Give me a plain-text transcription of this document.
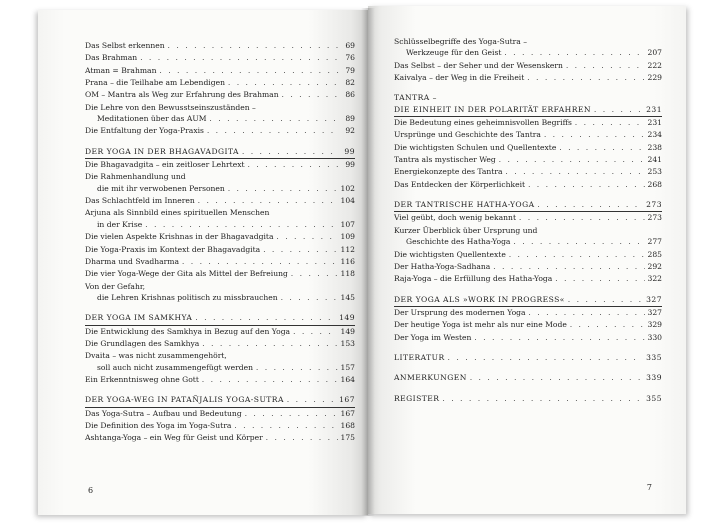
Das Selbst erkennen . . .	69
Das Brahman . . .	76
Atman = Brahman . . .	79
Prana – die Teilhabe am Lebendigen . . .	82
OM – Mantra als Weg zur Erfahrung des Brahman . . .	86
Die Lehre von den Bewusstseinszuständen –
Meditationen über das AUM . . .	89
Die Entfaltung der Yoga-Praxis . . .	92
DER YOGA IN DER BHAGAVADGITA . . .	99
Die Bhagavadgita – ein zeitloser Lehrtext . . .	99
Die Rahmenhandlung und
die mit ihr verwobenen Personen . . .	102
Das Schlachtfeld im Inneren . . .	104
Arjuna als Sinnbild eines spirituellen Menschen
in der Krise . . .	107
Die vielen Aspekte Krishnas in der Bhagavadgita . . .	109
Die Yoga-Praxis im Kontext der Bhagavadgita . . .	112
Dharma und Svadharma . . .	116
Die vier Yoga-Wege der Gita als Mittel der Befreiung . . .	118
Von der Gefahr,
die Lehren Krishnas politisch zu missbrauchen . . .	145
DER YOGA IM SAMKHYA . . .	149
Die Entwicklung des Samkhya in Bezug auf den Yoga . . .	149
Die Grundlagen des Samkhya . . .	153
Dvaita – was nicht zusammengehört,
soll auch nicht zusammengefügt werden . . .	157
Ein Erkenntnisweg ohne Gott . . .	164
DER YOGA-WEG IN PATAÑJALIS YOGA-SUTRA . . .	167
Das Yoga-Sutra – Aufbau und Bedeutung . . .	167
Die Definition des Yoga im Yoga-Sutra . . .	168
Ashtanga-Yoga – ein Weg für Geist und Körper . . .	175
6
Schlüsselbegriffe des Yoga-Sutra –
Werkzeuge für den Geist . . .	207
Das Selbst – der Seher und der Wesenskern . . .	222
Kaivalya – der Weg in die Freiheit . . .	229
TANTRA –
DIE EINHEIT IN DER POLARITÄT ERFAHREN . . .	231
Die Bedeutung eines geheimnisvollen Begriffs . . .	231
Ursprünge und Geschichte des Tantra . . .	234
Die wichtigsten Schulen und Quellentexte . . .	238
Tantra als mystischer Weg . . .	241
Energiekonzepte des Tantra . . .	253
Das Entdecken der Körperlichkeit . . .	268
DER TANTRISCHE HATHA-YOGA . . .	273
Viel geübt, doch wenig bekannt . . .	273
Kurzer Überblick über Ursprung und
Geschichte des Hatha-Yoga . . .	277
Die wichtigsten Quellentexte . . .	285
Der Hatha-Yoga-Sadhana . . .	292
Raja-Yoga – die Erfüllung des Hatha-Yoga . . .	322
DER YOGA ALS »WORK IN PROGRESS« . . .	327
Der Ursprung des modernen Yoga . . .	327
Der heutige Yoga ist mehr als nur eine Mode . . .	329
Der Yoga im Westen . . .	330
LITERATUR . . .	335
ANMERKUNGEN . . .	339
REGISTER . . .	355
7
